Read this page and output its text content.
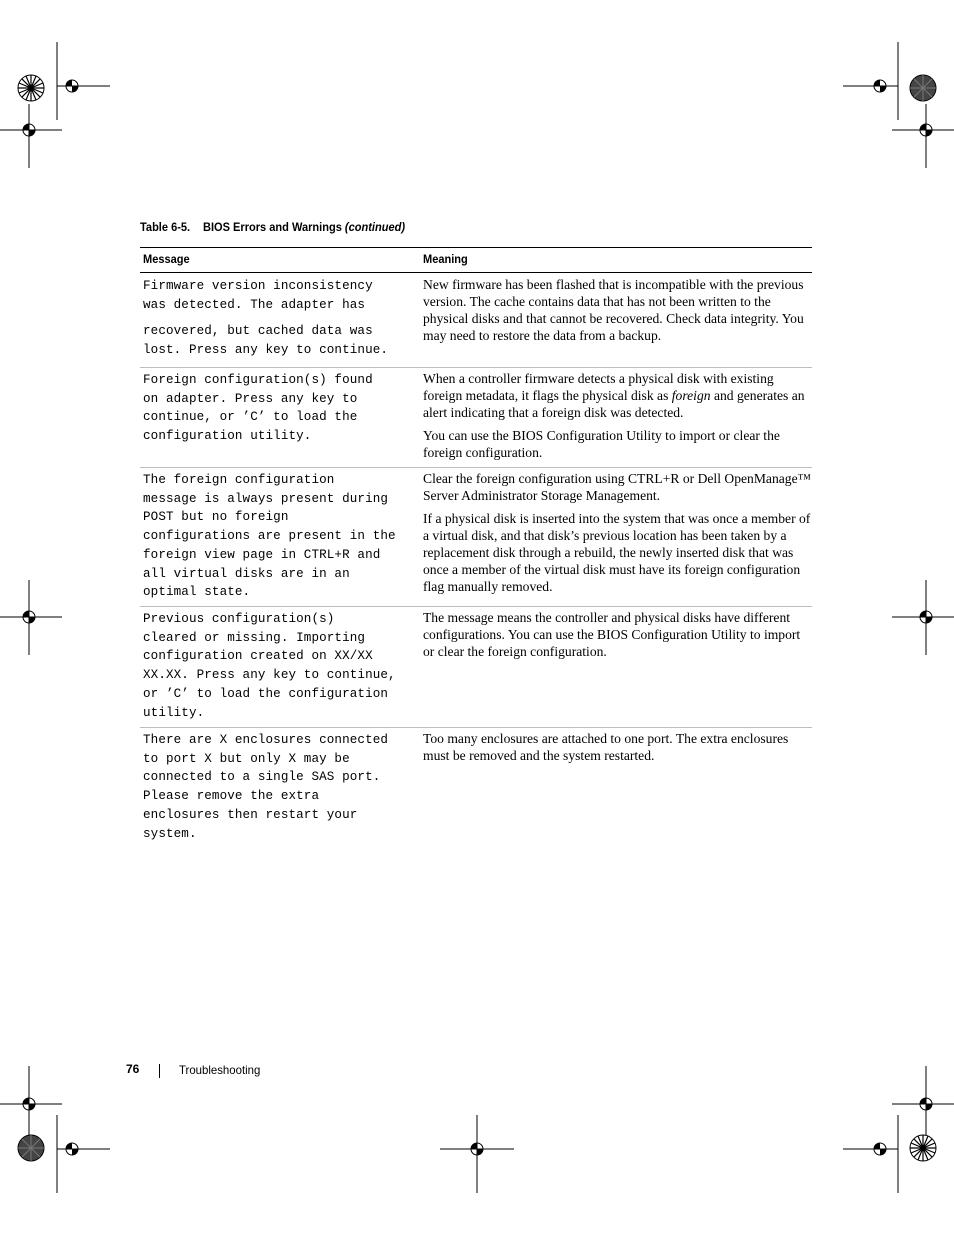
Table 6-5. BIOS Errors and Warnings (continued)
Message	Meaning
Firmware version inconsistency
was detected. The adapter has
recovered, but cached data was
lost. Press any key to continue.

New firmware has been flashed that is incompatible with the previous version. The cache contains data that has not been written to the physical disks and that cannot be recovered. Check data integrity. You may need to restore the data from a backup.

Foreign configuration(s) found
on adapter. Press any key to
continue, or ’C’ to load the
configuration utility.

When a controller firmware detects a physical disk with existing foreign metadata, it flags the physical disk as foreign and generates an alert indicating that a foreign disk was detected.

You can use the BIOS Configuration Utility to import or clear the foreign configuration.

The foreign configuration
message is always present during
POST but no foreign
configurations are present in the
foreign view page in CTRL+R and
all virtual disks are in an
optimal state.

Clear the foreign configuration using CTRL+R or Dell OpenManage™ Server Administrator Storage Management.

If a physical disk is inserted into the system that was once a member of a virtual disk, and that disk’s previous location has been taken by a replacement disk through a rebuild, the newly inserted disk that was once a member of the virtual disk must have its foreign configuration flag manually removed.

Previous configuration(s)
cleared or missing. Importing
configuration created on XX/XX
XX.XX. Press any key to continue,
or ’C’ to load the configuration
utility.

The message means the controller and physical disks have different configurations. You can use the BIOS Configuration Utility to import or clear the foreign configuration.

There are X enclosures connected
to port X but only X may be
connected to a single SAS port.
Please remove the extra
enclosures then restart your
system.

Too many enclosures are attached to one port. The extra enclosures must be removed and the system restarted.

76	Troubleshooting
